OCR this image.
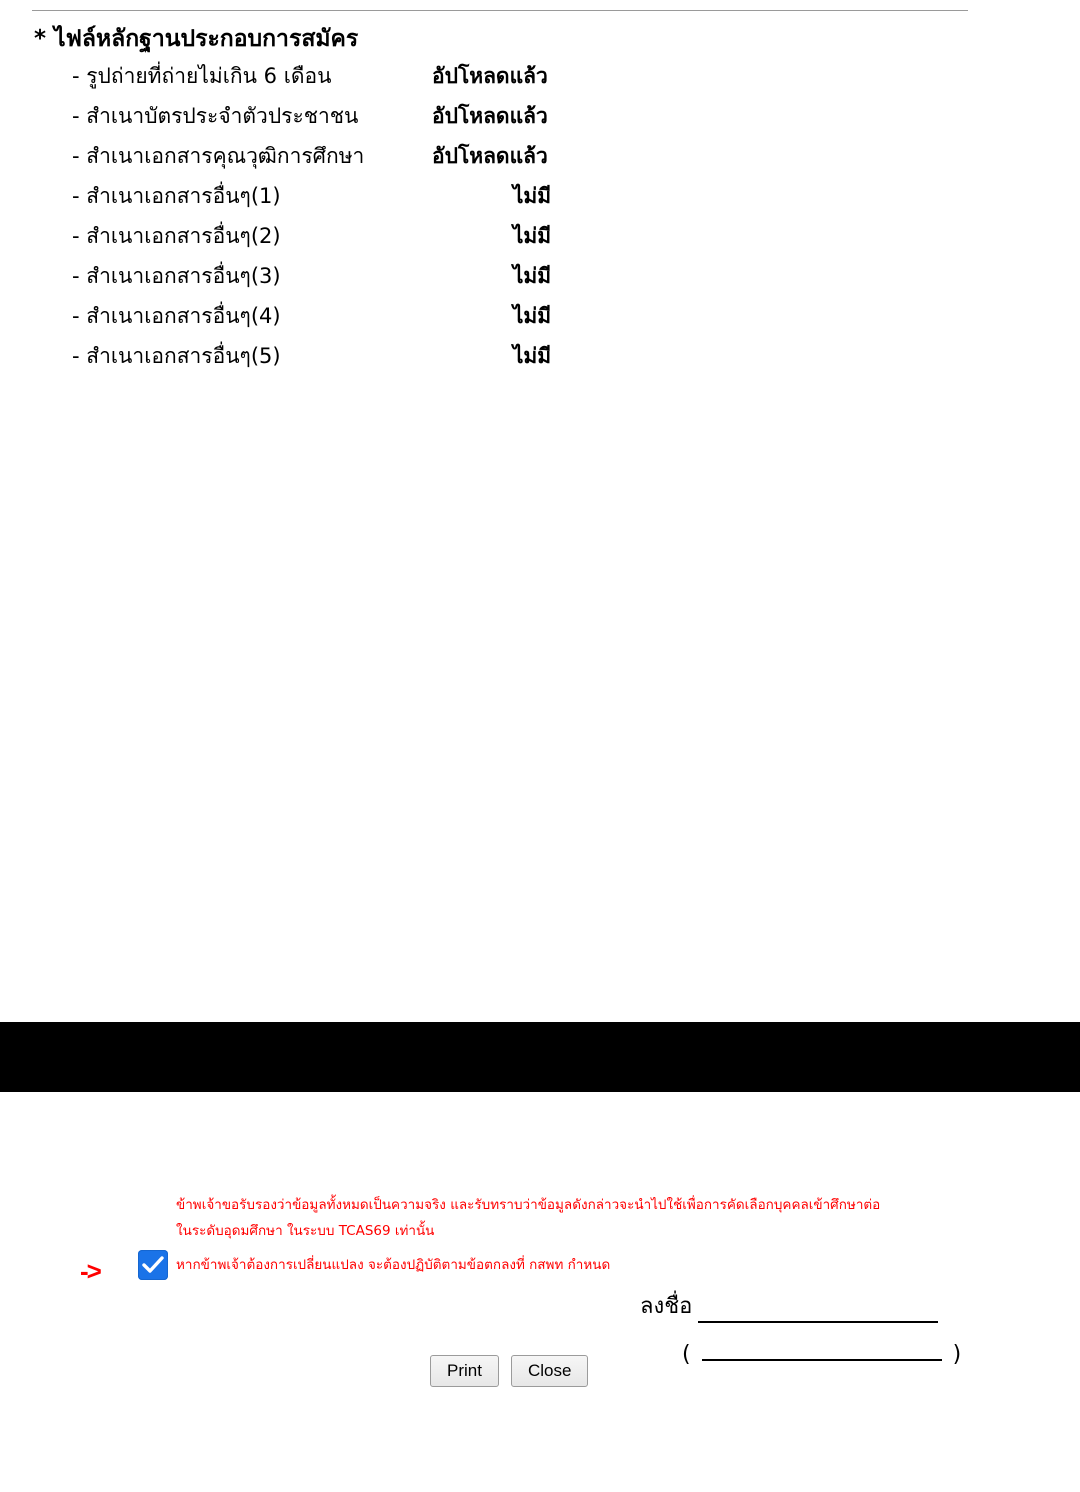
* ไฟล์หลักฐานประกอบการสมัคร
- รูปถ่ายที่ถ่ายไม่เกิน 6 เดือน	อัปโหลดแล้ว
- สำเนาบัตรประจำตัวประชาชน	อัปโหลดแล้ว
- สำเนาเอกสารคุณวุฒิการศึกษา	อัปโหลดแล้ว
- สำเนาเอกสารอื่นๆ(1)	ไม่มี
- สำเนาเอกสารอื่นๆ(2)	ไม่มี
- สำเนาเอกสารอื่นๆ(3)	ไม่มี
- สำเนาเอกสารอื่นๆ(4)	ไม่มี
- สำเนาเอกสารอื่นๆ(5)	ไม่มี
->
ข้าพเจ้าขอรับรองว่าข้อมูลทั้งหมดเป็นความจริง และรับทราบว่าข้อมูลดังกล่าวจะนำไปใช้เพื่อการคัดเลือกบุคคลเข้าศึกษาต่อ
ในระดับอุดมศึกษา ในระบบ TCAS69 เท่านั้น
หากข้าพเจ้าต้องการเปลี่ยนแปลง จะต้องปฏิบัติตามข้อตกลงที่ กสพท กำหนด
ลงชื่อ
(	)
Print	Close
